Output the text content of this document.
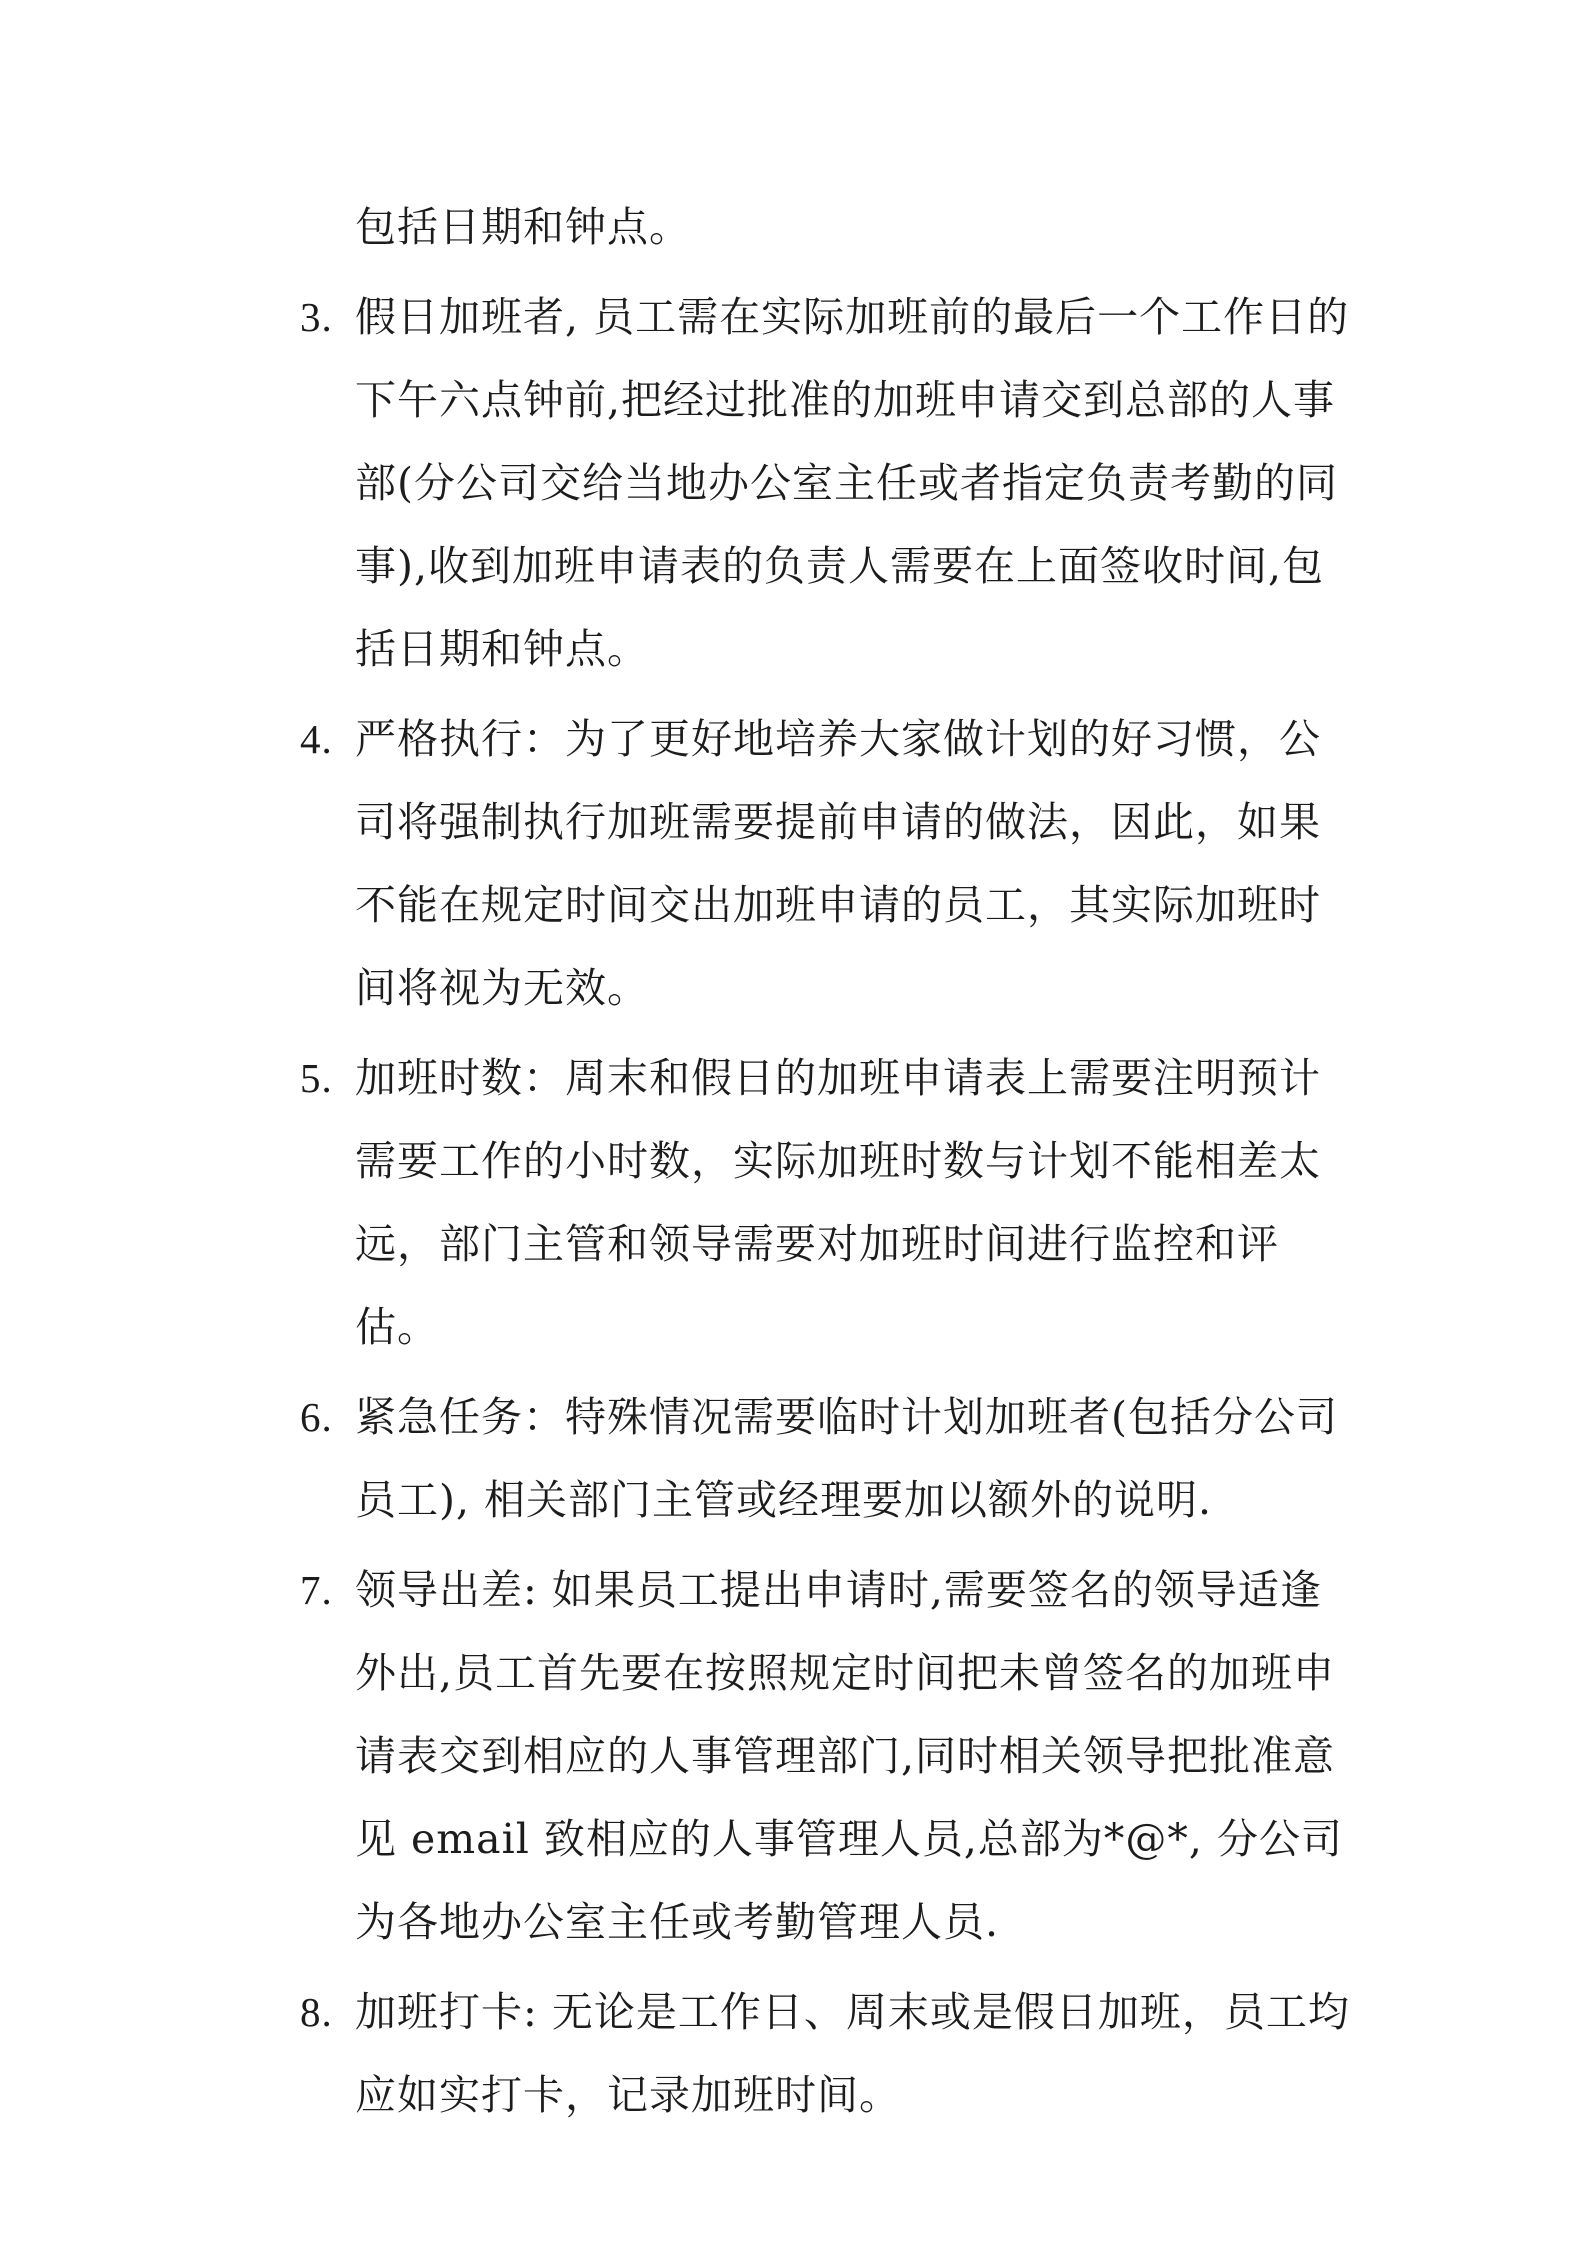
包括日期和钟点。
3. 假日加班者, 员工需在实际加班前的最后一个工作日的下午六点钟前,把经过批准的加班申请交到总部的人事部(分公司交给当地办公室主任或者指定负责考勤的同事),收到加班申请表的负责人需要在上面签收时间,包括日期和钟点。
4. 严格执行：为了更好地培养大家做计划的好习惯，公司将强制执行加班需要提前申请的做法，因此，如果不能在规定时间交出加班申请的员工，其实际加班时间将视为无效。
5. 加班时数：周末和假日的加班申请表上需要注明预计需要工作的小时数，实际加班时数与计划不能相差太远，部门主管和领导需要对加班时间进行监控和评估。
6. 紧急任务：特殊情况需要临时计划加班者(包括分公司员工), 相关部门主管或经理要加以额外的说明.
7. 领导出差: 如果员工提出申请时,需要签名的领导适逢外出,员工首先要在按照规定时间把未曾签名的加班申请表交到相应的人事管理部门,同时相关领导把批准意见 email 致相应的人事管理人员,总部为*@*, 分公司为各地办公室主任或考勤管理人员.
8. 加班打卡: 无论是工作日、周末或是假日加班，员工均应如实打卡，记录加班时间。
